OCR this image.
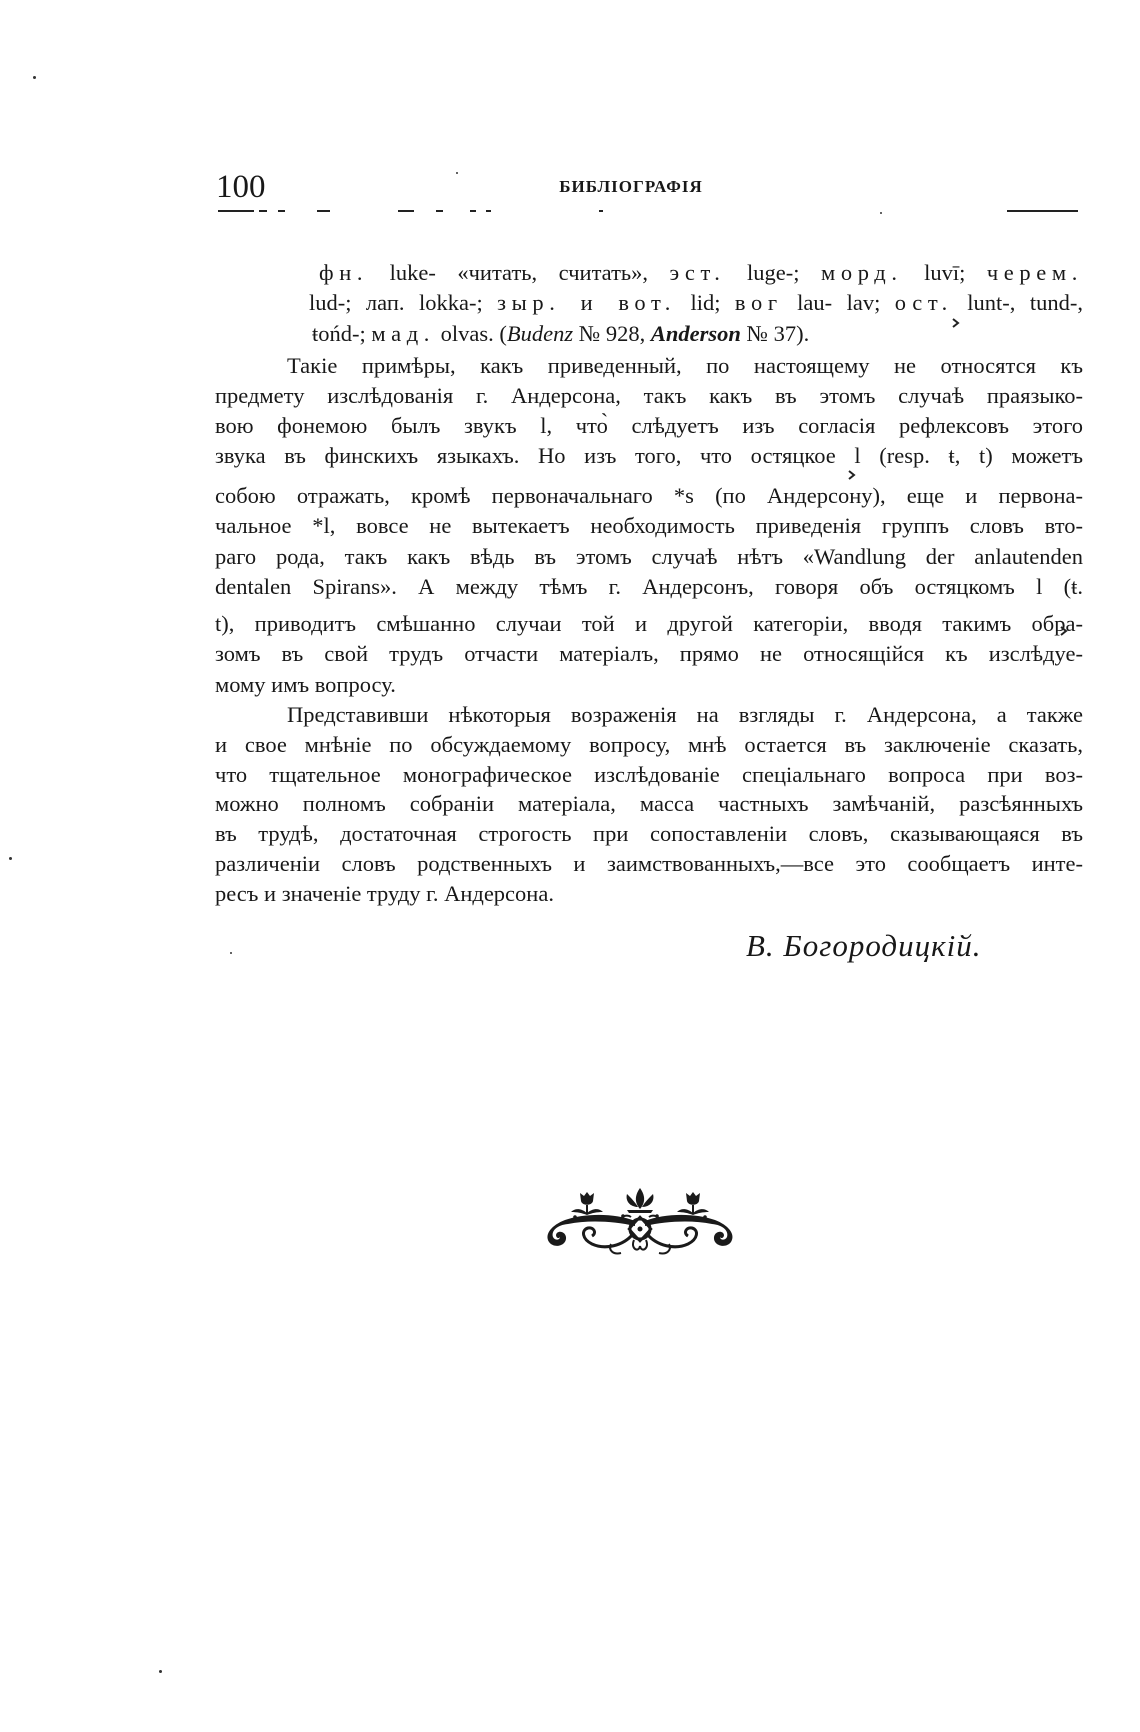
100	БИБЛІОГРАФІЯ
фн. luke- «читать, считать», эст. luge-; морд. luvī; черем.
lud-; лап. lokka-; зыр. и вот. lid; вог lau- lav; ост. lunt-, tund-,
ŧońd-; мад. olvas. (Budenz № 928, Anderson № 37).
Такіе примѣры, какъ приведенный, по настоящему не относятся къ
предмету изслѣдованія г. Андерсона, такъ какъ въ этомъ случаѣ праязыко-
вою фонемою былъ звукъ l, что̀ слѣдуетъ изъ согласія рефлексовъ этого
звука въ финскихъ языкахъ. Но изъ того, что остяцкое l (resp. ŧ, t) можетъ
собою отражать, кромѣ первоначальнаго *s (по Андерсону), еще и первона-
чальное *l, вовсе не вытекаетъ необходимость приведенія группъ словъ вто-
раго рода, такъ какъ вѣдь въ этомъ случаѣ нѣтъ «Wandlung der anlautenden
dentalen Spirans». А между тѣмъ г. Андерсонъ, говоря объ остяцкомъ l (ŧ.
t), приводитъ смѣшанно случаи той и другой категоріи, вводя такимъ обра-
зомъ въ свой трудъ отчасти матеріалъ, прямо не относящійся къ изслѣдуе-
мому имъ вопросу.
Представивши нѣкоторыя возраженія на взгляды г. Андерсона, а также
и свое мнѣніе по обсуждаемому вопросу, мнѣ остается въ заключеніе сказать,
что тщательное монографическое изслѣдованіе спеціальнаго вопроса при воз-
можно полномъ собраніи матеріала, масса частныхъ замѣчаній, разсѣянныхъ
въ трудѣ, достаточная строгость при сопоставленіи словъ, сказывающаяся въ
различеніи словъ родственныхъ и заимствованныхъ,—все это сообщаетъ инте-
ресъ и значеніе труду г. Андерсона.
В. Богородицкій.
